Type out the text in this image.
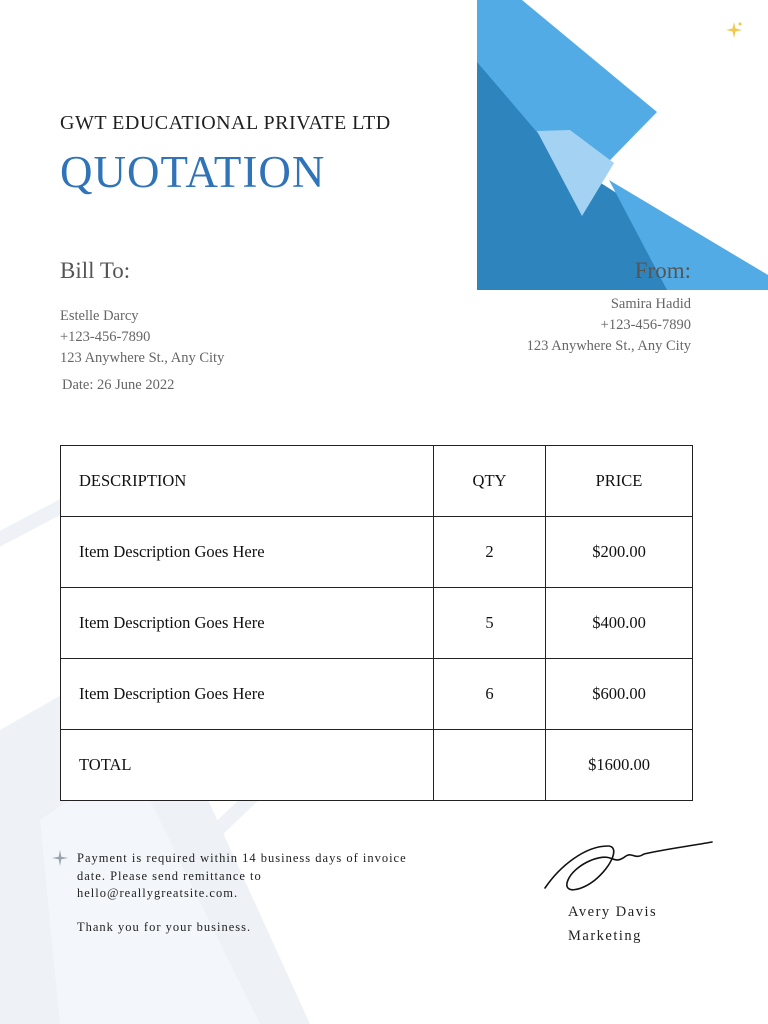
GWT EDUCATIONAL PRIVATE LTD
QUOTATION
Bill To:	From:
Estelle Darcy
+123-456-7890
123 Anywhere St., Any City
Date: 26 June 2022
Samira Hadid
+123-456-7890
123 Anywhere St., Any City
DESCRIPTION	QTY	PRICE
Item Description Goes Here	2	$200.00
Item Description Goes Here	5	$400.00
Item Description Goes Here	6	$600.00
TOTAL		$1600.00

Payment is required within 14 business days of invoice date. Please send remittance to hello@reallygreatsite.com.

Thank you for your business.
Avery Davis
Marketing
